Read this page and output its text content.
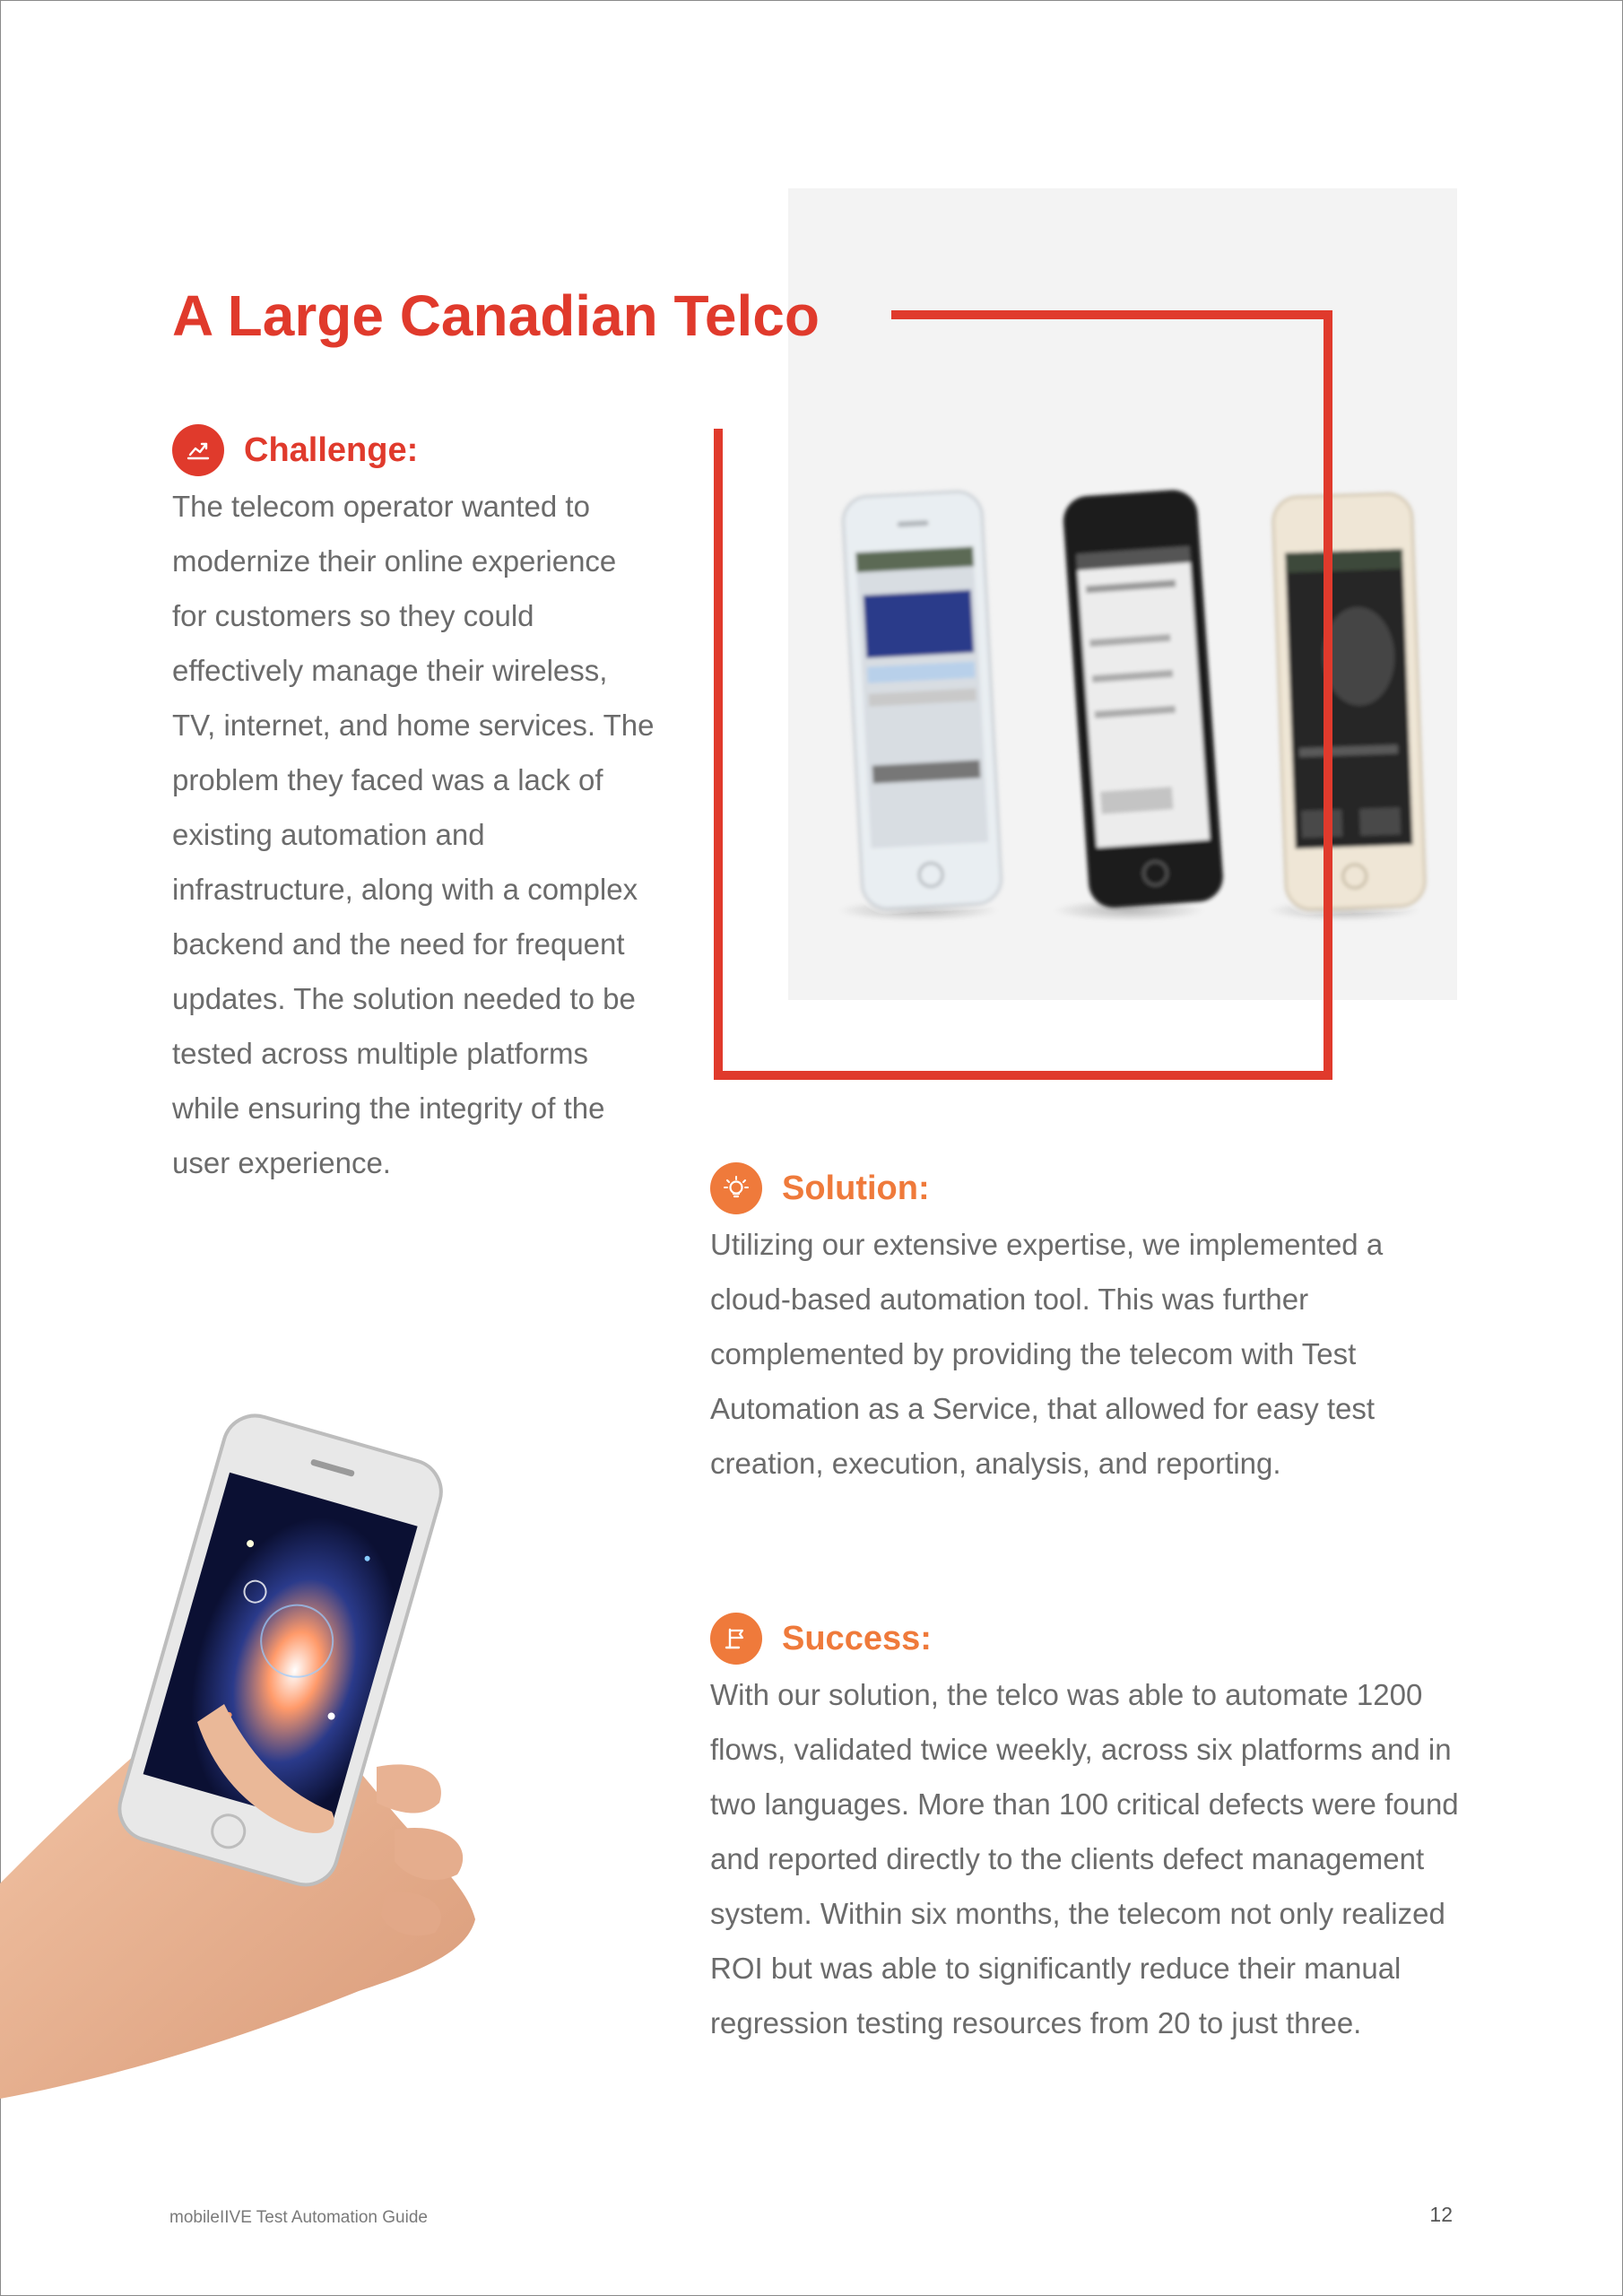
A Large Canadian Telco
Challenge:

The telecom operator wanted to modernize their online experience for customers so they could effectively manage their wireless, TV, internet, and home services. The problem they faced was a lack of existing automation and infrastructure, along with a complex backend and the need for frequent updates. The solution needed to be tested across multiple platforms while ensuring the integrity of the user experience.

Solution:

Utilizing our extensive expertise, we implemented a cloud-based automation tool. This was further complemented by providing the telecom with Test Automation as a Service, that allowed for easy test creation, execution, analysis, and reporting.

Success:

With our solution, the telco was able to automate 1200 flows, validated twice weekly, across six platforms and in two languages. More than 100 critical defects were found and reported directly to the clients defect management system. Within six months, the telecom not only realized ROI but was able to significantly reduce their manual regression testing resources from 20 to just three.

mobileIIVE Test Automation Guide	12
